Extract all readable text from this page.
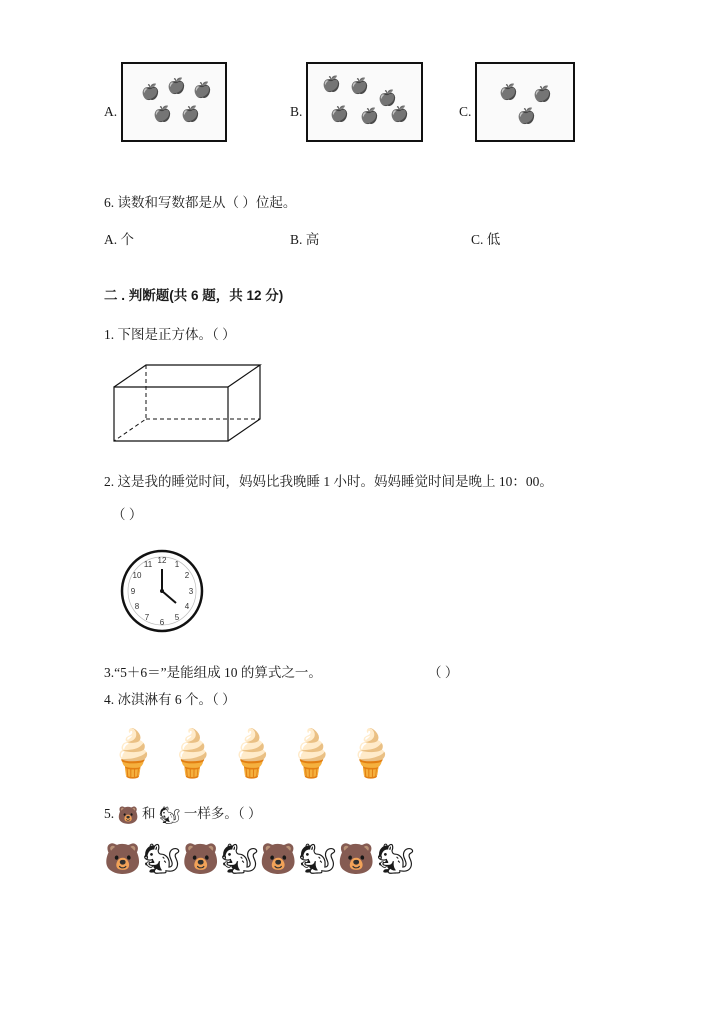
A.
🍎 🍎 🍎
🍎 🍎	B.
🍎 🍎
🍎
🍎 🍎 🍎	C.
🍎 🍎
🍎
6. 读数和写数都是从（ ）位起。
A. 个	B. 高	C. 低
二 . 判断题(共 6 题，共 12 分)
1. 下图是正方体。（ ）
2. 这是我的睡觉时间，妈妈比我晚睡 1 小时。妈妈睡觉时间是晚上 10：00。
（ ）
12 1
2
3
4
5
6
7
8
9
10
11
3.“5＋6＝”是能组成 10 的算式之一。	（ ）
4. 冰淇淋有 6 个。（ ）
🍦 🍦 🍦 🍦 🍦
5. 🐻 和 🐿 一样多。（ ）
🐻 🐿 🐻 🐿 🐻 🐿 🐻 🐿
